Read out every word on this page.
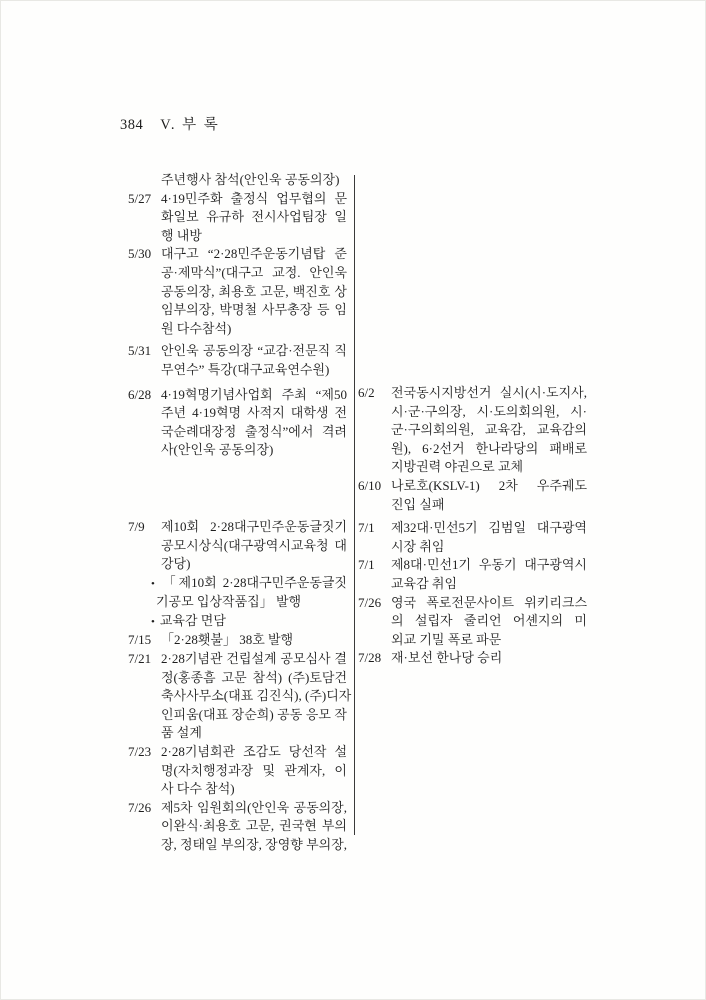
384 V. 부 록
주년행사 참석(안인욱 공동의장)
5/27 4·19민주화 출정식 업무협의 문
화일보 유규하 전시사업팀장 일
행 내방
5/30 대구고 “2·28민주운동기념탑 준
공·제막식”(대구고 교정. 안인욱
공동의장, 최용호 고문, 백진호 상
임부의장, 박명철 사무총장 등 임
원 다수참석)
5/31 안인욱 공동의장 “교감·전문직 직
무연수” 특강(대구교육연수원)
6/28 4·19혁명기념사업회 주최 “제50
주년 4·19혁명 사적지 대학생 전
국순례대장정 출정식”에서 격려
사(안인욱 공동의장)
7/9	제10회 2·28대구민주운동글짓기
공모시상식(대구광역시교육청 대
강당)
• 「제10회 2·28대구민주운동글짓
기공모 입상작품집」 발행
• 교육감 면담
7/15 「2·28횃불」 38호 발행
7/21 2·28기념관 건립설계 공모심사 결
정(홍종흠 고문 참석) (주)토담건
축사사무소(대표 김진식), (주)디자
인피움(대표 장순희) 공동 응모 작
품 설계
7/23 2·28기념회관 조감도 당선작 설
명(자치행정과장 및 관계자, 이
사 다수 참석)
7/26 제5차 임원회의(안인욱 공동의장,
이완식·최용호 고문, 권국현 부의
장, 정태일 부의장, 장영향 부의장,
6/2	전국동시지방선거 실시(시·도지사,
시·군·구의장, 시·도의회의원, 시·
군·구의회의원, 교육감, 교육감의
원), 6·2선거 한나라당의 패배로
지방권력 야권으로 교체
6/10 나로호(KSLV-1) 2차 우주궤도
진입 실패
7/1	제32대·민선5기 김범일 대구광역
시장 취임
7/1	제8대·민선1기 우동기 대구광역시
교육감 취임
7/26 영국 폭로전문사이트 위키리크스
의 설립자 줄리언 어셴지의 미
외교 기밀 폭로 파문
7/28 재·보선 한나당 승리
